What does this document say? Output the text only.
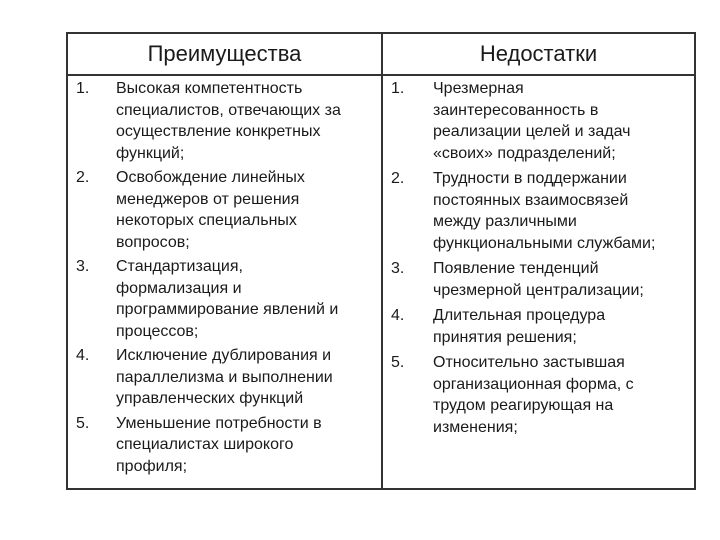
Преимущества	Недостатки
1. Высокая компетентность
специалистов, отвечающих за
осуществление конкретных
функций;
2. Освобождение линейных
менеджеров от решения
некоторых специальных
вопросов;
3. Стандартизация,
формализация и
программирование явлений и
процессов;
4. Исключение дублирования и
параллелизма и выполнении
управленческих функций
5. Уменьшение потребности в
специалистах широкого
профиля;
1. Чрезмерная
заинтересованность в
реализации целей и задач
«своих» подразделений;
2. Трудности в поддержании
постоянных взаимосвязей
между различными
функциональными службами;
3. Появление тенденций
чрезмерной централизации;
4. Длительная процедура
принятия решения;
5. Относительно застывшая
организационная форма, с
трудом реагирующая на
изменения;
